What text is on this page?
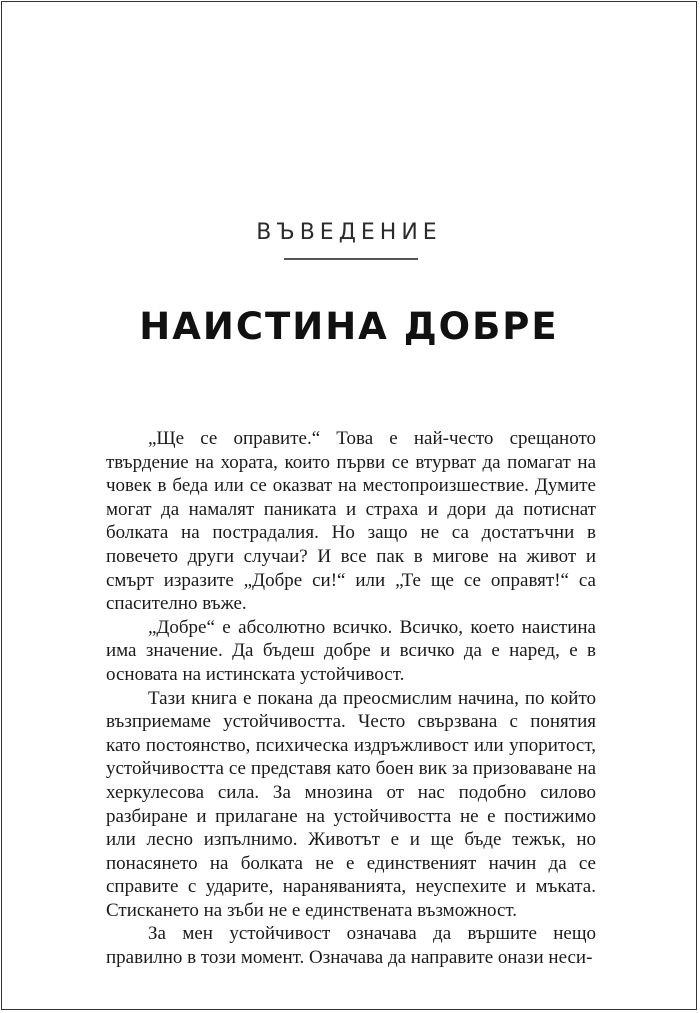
ВЪВЕДЕНИЕ
НАИСТИНА ДОБРЕ

„Ще се оправите.“ Това е най-често срещаното твърдение на хората, които първи се втурват да помагат на човек в беда или се оказват на местопроизшествие. Думите могат да намалят паниката и страха и дори да потиснат болката на пострадалия. Но защо не са достатъчни в повечето други случаи? И все пак в мигове на живот и смърт изразите „Добре си!“ или „Те ще се оправят!“ са спасително въже.

„Добре“ е абсолютно всичко. Всичко, което наистина има значение. Да бъдеш добре и всичко да е наред, е в основата на истинската устойчивост.

Тази книга е покана да преосмислим начина, по който възприемаме устойчивостта. Често свързвана с понятия като постоянство, психическа издръжливост или упоритост, устойчивостта се представя като боен вик за призоваване на херкулесова сила. За мнозина от нас подобно силово разбиране и прилагане на устойчивостта не е постижимо или лесно изпълнимо. Животът е и ще бъде тежък, но понасянето на болката не е единственият начин да се справите с ударите, нараняванията, неуспехите и мъката. Стискането на зъби не е единствената възможност.

За мен устойчивост означава да вършите нещо правилно в този момент. Означава да направите онази неси-
